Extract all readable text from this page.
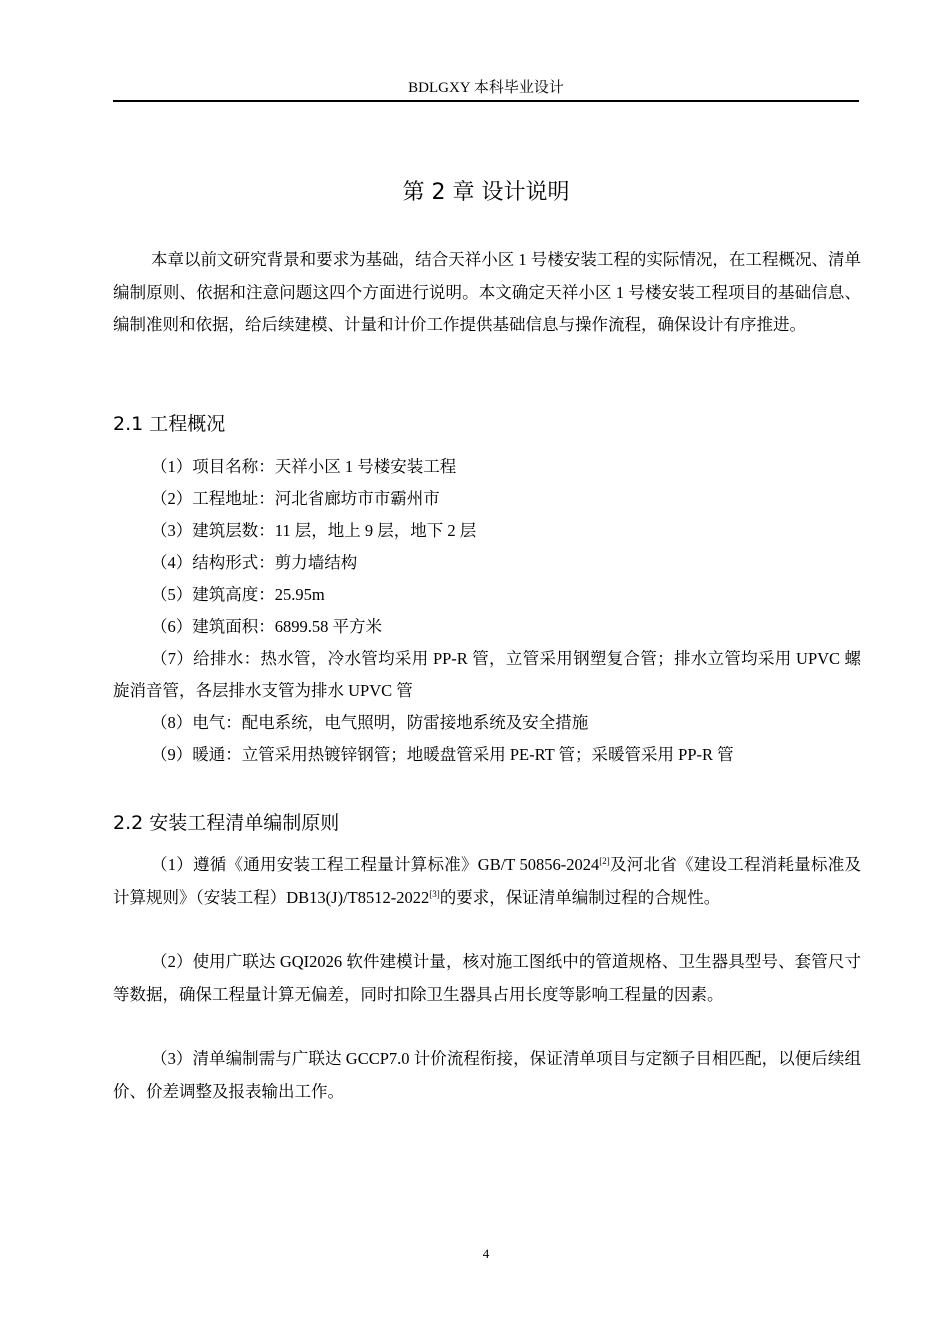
BDLGXY 本科毕业设计
第 2 章 设计说明

本章以前文研究背景和要求为基础，结合天祥小区 1 号楼安装工程的实际情况，在工程概况、清单编制原则、依据和注意问题这四个方面进行说明。本文确定天祥小区 1 号楼安装工程项目的基础信息、编制准则和依据，给后续建模、计量和计价工作提供基础信息与操作流程，确保设计有序推进。

2.1 工程概况
（1）项目名称：天祥小区 1 号楼安装工程
（2）工程地址：河北省廊坊市市霸州市
（3）建筑层数：11 层，地上 9 层，地下 2 层
（4）结构形式：剪力墙结构
（5）建筑高度：25.95m
（6）建筑面积：6899.58 平方米

（7）给排水：热水管，冷水管均采用 PP-R 管，立管采用钢塑复合管；排水立管均采用 UPVC 螺旋消音管，各层排水支管为排水 UPVC 管

（8）电气：配电系统，电气照明，防雷接地系统及安全措施
（9）暖通：立管采用热镀锌钢管；地暖盘管采用 PE-RT 管；采暖管采用 PP-R 管
2.2 安装工程清单编制原则

（1）遵循《通用安装工程工程量计算标准》GB/T 50856-2024[2]及河北省《建设工程消耗量标准及计算规则》（安装工程）DB13(J)/T8512-2022[3]的要求，保证清单编制过程的合规性。

（2）使用广联达 GQI2026 软件建模计量，核对施工图纸中的管道规格、卫生器具型号、套管尺寸等数据，确保工程量计算无偏差，同时扣除卫生器具占用长度等影响工程量的因素。

（3）清单编制需与广联达 GCCP7.0 计价流程衔接，保证清单项目与定额子目相匹配，以便后续组价、价差调整及报表输出工作。

4
